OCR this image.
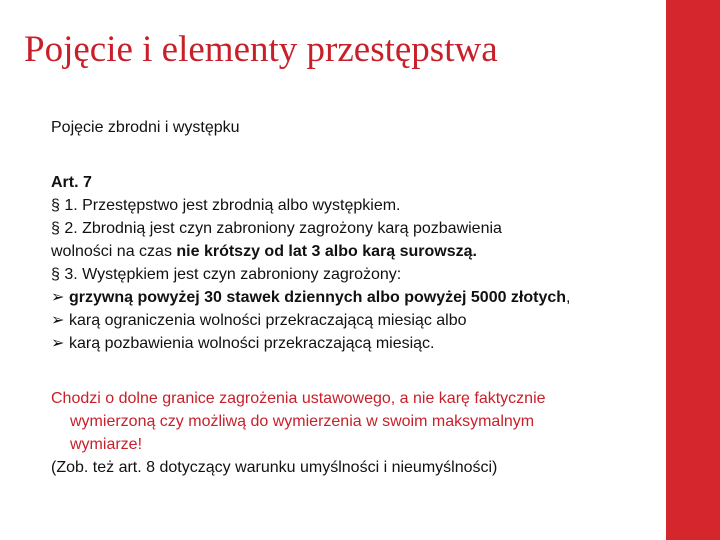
Pojęcie i elementy przestępstwa

Pojęcie zbrodni i występku

Art. 7

§ 1. Przestępstwo jest zbrodnią albo występkiem.

§ 2. Zbrodnią jest czyn zabroniony zagrożony karą pozbawienia
wolności na czas nie krótszy od lat 3 albo karą surowszą.

§ 3. Występkiem jest czyn zabroniony zagrożony:

➢ grzywną powyżej 30 stawek dziennych albo powyżej 5000 złotych,

➢ karą ograniczenia wolności przekraczającą miesiąc albo

➢ karą pozbawienia wolności przekraczającą miesiąc.

Chodzi o dolne granice zagrożenia ustawowego, a nie karę faktycznie
wymierzoną czy możliwą do wymierzenia w swoim maksymalnym
wymiarze!

(Zob. też art. 8 dotyczący warunku umyślności i nieumyślności)
